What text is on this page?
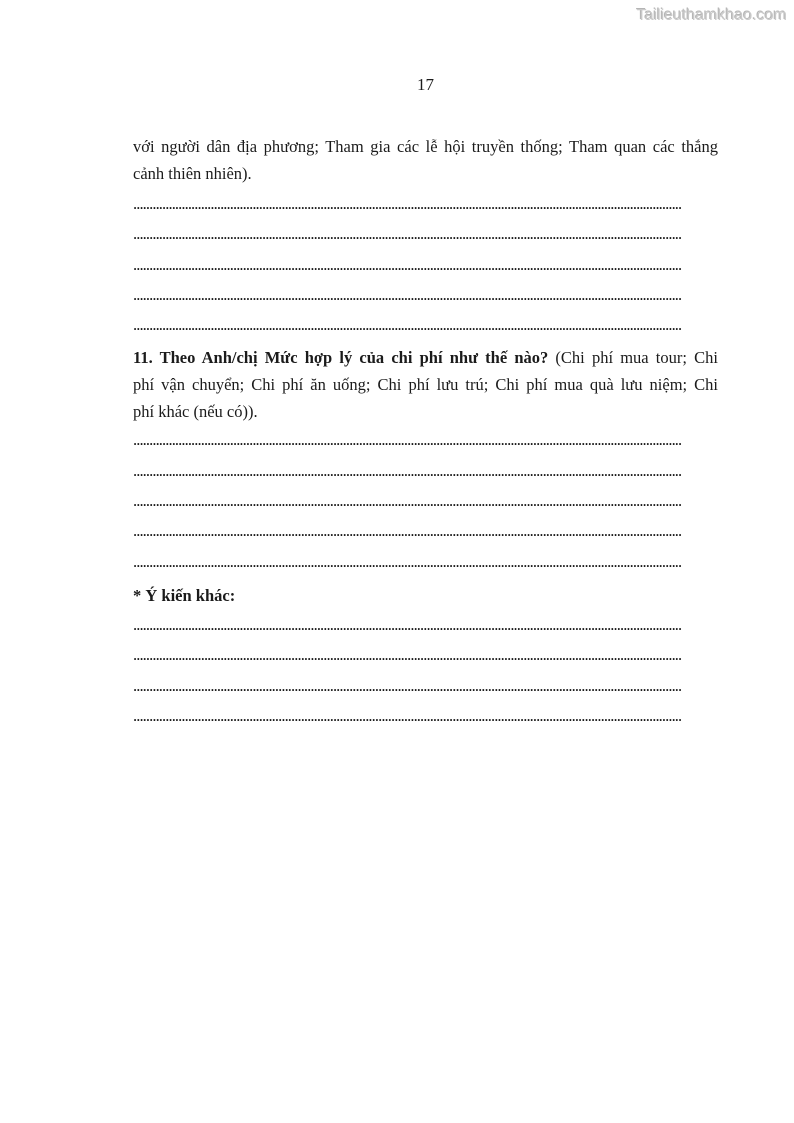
Tailieuthamkhao.com
17
với người dân địa phương; Tham gia các lễ hội truyền thống; Tham quan các thắng
cảnh thiên nhiên).
..........................................................................................................................................................................
..........................................................................................................................................................................
..........................................................................................................................................................................
..........................................................................................................................................................................
..........................................................................................................................................................................
11. Theo Anh/chị Mức hợp lý của chi phí như thế nào? (Chi phí mua tour; Chi
phí vận chuyển; Chi phí ăn uống; Chi phí lưu trú; Chi phí mua quà lưu niệm; Chi
phí khác (nếu có)).
..........................................................................................................................................................................
..........................................................................................................................................................................
..........................................................................................................................................................................
..........................................................................................................................................................................
..........................................................................................................................................................................
* Ý kiến khác:
..........................................................................................................................................................................
..........................................................................................................................................................................
..........................................................................................................................................................................
..........................................................................................................................................................................
